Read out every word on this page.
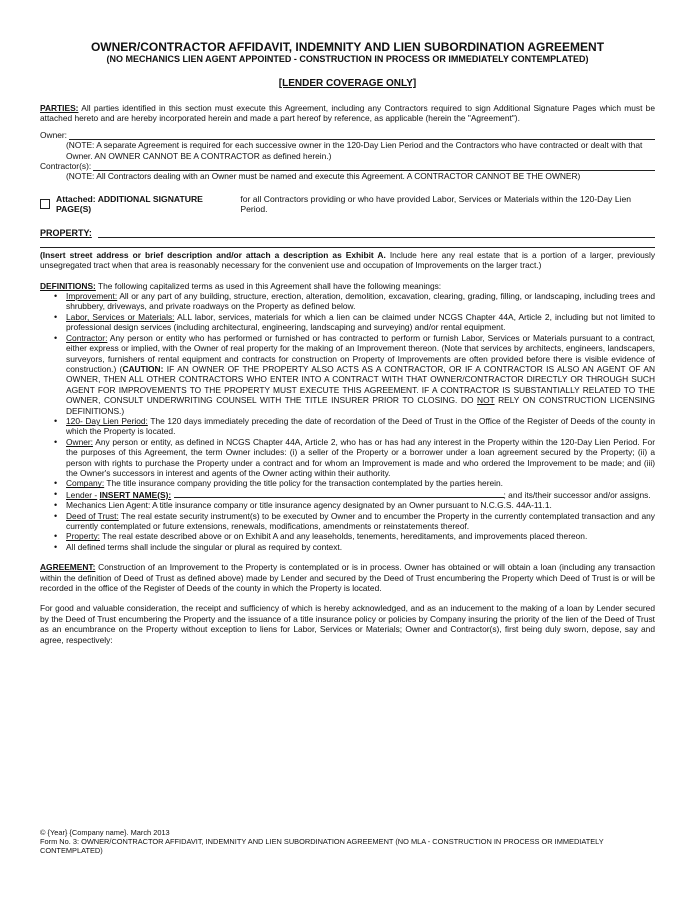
OWNER/CONTRACTOR AFFIDAVIT, INDEMNITY AND LIEN SUBORDINATION AGREEMENT
(NO MECHANICS LIEN AGENT APPOINTED - CONSTRUCTION IN PROCESS OR IMMEDIATELY CONTEMPLATED)
[LENDER COVERAGE ONLY]
PARTIES: All parties identified in this section must execute this Agreement, including any Contractors required to sign Additional Signature Pages which must be attached hereto and are hereby incorporated herein and made a part hereof by reference, as applicable (herein the "Agreement").
Owner:
(NOTE: A separate Agreement is required for each successive owner in the 120-Day Lien Period and the Contractors who have contracted or dealt with that Owner. AN OWNER CANNOT BE A CONTRACTOR as defined herein.)
Contractor(s):
(NOTE: All Contractors dealing with an Owner must be named and execute this Agreement. A CONTRACTOR CANNOT BE THE OWNER)
Attached: ADDITIONAL SIGNATURE PAGE(S)

for all Contractors providing or who have provided Labor, Services or Materials within the 120-Day Lien Period.
PROPERTY:
(Insert street address or brief description and/or attach a description as Exhibit A. Include here any real estate that is a portion of a larger, previously unsegregated tract when that area is reasonably necessary for the convenient use and occupation of Improvements on the larger tract.)
DEFINITIONS: The following capitalized terms as used in this Agreement shall have the following meanings:
• Improvement: All or any part of any building, structure, erection, alteration, demolition, excavation, clearing, grading, filling, or landscaping, including trees and shrubbery, driveways, and private roadways on the Property as defined below.
• Labor, Services or Materials: ALL labor, services, materials for which a lien can be claimed under NCGS Chapter 44A, Article 2, including but not limited to professional design services (including architectural, engineering, landscaping and surveying) and/or rental equipment.
• Contractor: Any person or entity who has performed or furnished or has contracted to perform or furnish Labor, Services or Materials pursuant to a contract, either express or implied, with the Owner of real property for the making of an Improvement thereon. (Note that services by architects, engineers, landscapers, surveyors, furnishers of rental equipment and contracts for construction on Property of Improvements are often provided before there is visible evidence of construction.) (CAUTION: IF AN OWNER OF THE PROPERTY ALSO ACTS AS A CONTRACTOR, OR IF A CONTRACTOR IS ALSO AN AGENT OF AN OWNER, THEN ALL OTHER CONTRACTORS WHO ENTER INTO A CONTRACT WITH THAT OWNER/CONTRACTOR DIRECTLY OR THROUGH SUCH AGENT FOR IMPROVEMENTS TO THE PROPERTY MUST EXECUTE THIS AGREEMENT. IF A CONTRACTOR IS SUBSTANTIALLY RELATED TO THE OWNER, CONSULT UNDERWRITING COUNSEL WITH THE TITLE INSURER PRIOR TO CLOSING. DO NOT RELY ON CONSTRUCTION LICENSING DEFINITIONS.)
• 120- Day Lien Period: The 120 days immediately preceding the date of recordation of the Deed of Trust in the Office of the Register of Deeds of the county in which the Property is located.
• Owner: Any person or entity, as defined in NCGS Chapter 44A, Article 2, who has or has had any interest in the Property within the 120-Day Lien Period. For the purposes of this Agreement, the term Owner includes: (i) a seller of the Property or a borrower under a loan agreement secured by the Property; (ii) a person with rights to purchase the Property under a contract and for whom an Improvement is made and who ordered the Improvement to be made; and (iii) the Owner's successors in interest and agents of the Owner acting within their authority.
• Company: The title insurance company providing the title policy for the transaction contemplated by the parties herein.
• Lender - INSERT NAME(S):	; and its/their successor and/or assigns.
• Mechanics Lien Agent: A title insurance company or title insurance agency designated by an Owner pursuant to N.C.G.S. 44A-11.1.
• Deed of Trust: The real estate security instrument(s) to be executed by Owner and to encumber the Property in the currently contemplated transaction and any currently contemplated or future extensions, renewals, modifications, amendments or reinstatements thereof.
• Property: The real estate described above or on Exhibit A and any leaseholds, tenements, hereditaments, and improvements placed thereon.
• All defined terms shall include the singular or plural as required by context.
AGREEMENT: Construction of an Improvement to the Property is contemplated or is in process. Owner has obtained or will obtain a loan (including any transaction within the definition of Deed of Trust as defined above) made by Lender and secured by the Deed of Trust encumbering the Property which Deed of Trust is or will be recorded in the office of the Register of Deeds of the county in which the Property is located.
For good and valuable consideration, the receipt and sufficiency of which is hereby acknowledged, and as an inducement to the making of a loan by Lender secured by the Deed of Trust encumbering the Property and the issuance of a title insurance policy or policies by Company insuring the priority of the lien of the Deed of Trust as an encumbrance on the Property without exception to liens for Labor, Services or Materials; Owner and Contractor(s), first being duly sworn, depose, say and agree, respectively:
© {Year} {Company name}. March 2013
Form No. 3: OWNER/CONTRACTOR AFFIDAVIT, INDEMNITY AND LIEN SUBORDINATION AGREEMENT (NO MLA - CONSTRUCTION IN PROCESS OR IMMEDIATELY CONTEMPLATED)
